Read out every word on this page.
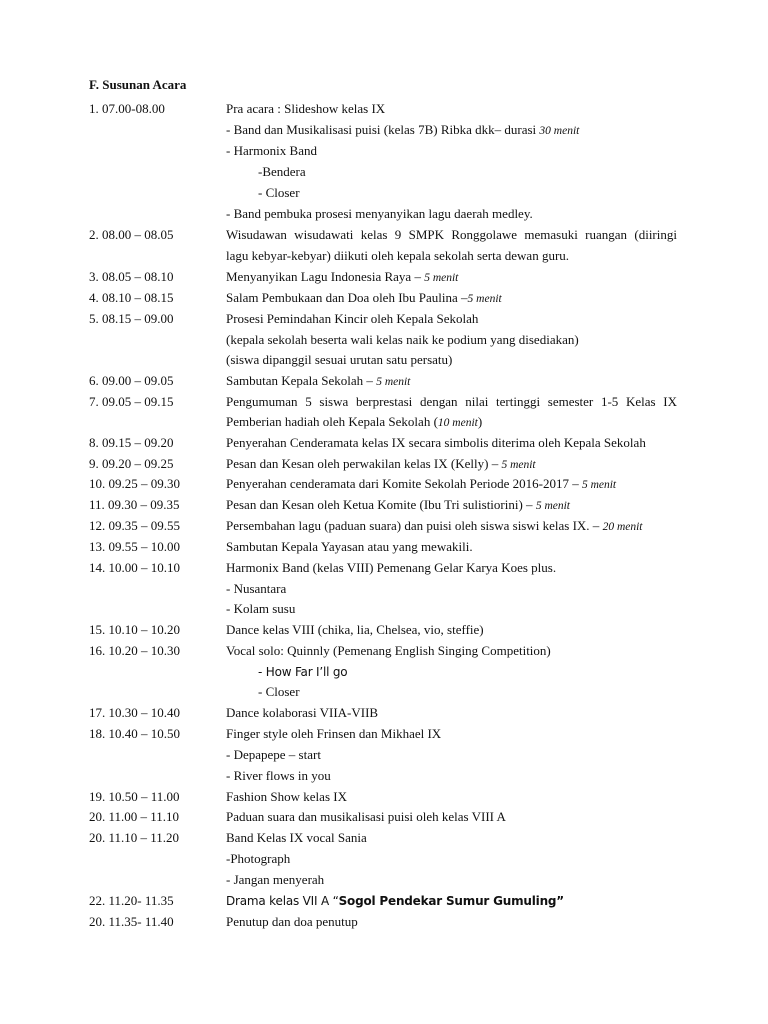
F. Susunan Acara
1. 07.00-08.00	Pra acara : Slideshow kelas IX
- Band dan Musikalisasi puisi (kelas 7B) Ribka dkk– durasi 30 menit
- Harmonix Band
-Bendera
- Closer
- Band pembuka prosesi menyanyikan lagu daerah medley.
2. 08.00 – 08.05	Wisudawan wisudawati kelas 9 SMPK Ronggolawe memasuki ruangan (diiringi
lagu kebyar-kebyar) diikuti oleh kepala sekolah serta dewan guru.
3. 08.05 – 08.10	Menyanyikan Lagu Indonesia Raya – 5 menit
4. 08.10 – 08.15	Salam Pembukaan dan Doa oleh Ibu Paulina –5 menit
5. 08.15 – 09.00	Prosesi Pemindahan Kincir oleh Kepala Sekolah
(kepala sekolah beserta wali kelas naik ke podium yang disediakan)
(siswa dipanggil sesuai urutan satu persatu)
6. 09.00 – 09.05	Sambutan Kepala Sekolah – 5 menit
7. 09.05 – 09.15	Pengumuman 5 siswa berprestasi dengan nilai tertinggi semester 1-5 Kelas IX
Pemberian hadiah oleh Kepala Sekolah (10 menit)
8. 09.15 – 09.20	Penyerahan Cenderamata kelas IX secara simbolis diterima oleh Kepala Sekolah
9. 09.20 – 09.25	Pesan dan Kesan oleh perwakilan kelas IX (Kelly) – 5 menit
10. 09.25 – 09.30	Penyerahan cenderamata dari Komite Sekolah Periode 2016-2017 – 5 menit
11. 09.30 – 09.35	Pesan dan Kesan oleh Ketua Komite (Ibu Tri sulistiorini) – 5 menit
12. 09.35 – 09.55	Persembahan lagu (paduan suara) dan puisi oleh siswa siswi kelas IX. – 20 menit
13. 09.55 – 10.00	Sambutan Kepala Yayasan atau yang mewakili.
14. 10.00 – 10.10	Harmonix Band (kelas VIII) Pemenang Gelar Karya Koes plus.
- Nusantara
- Kolam susu
15. 10.10 – 10.20	Dance kelas VIII (chika, lia, Chelsea, vio, steffie)
16. 10.20 – 10.30	Vocal solo: Quinnly (Pemenang English Singing Competition)
- How Far I’ll go
- Closer
17. 10.30 – 10.40	Dance kolaborasi VIIA-VIIB
18. 10.40 – 10.50	Finger style oleh Frinsen dan Mikhael IX
- Depapepe – start
- River flows in you
19. 10.50 – 11.00	Fashion Show kelas IX
20. 11.00 – 11.10	Paduan suara dan musikalisasi puisi oleh kelas VIII A
20. 11.10 – 11.20	Band Kelas IX vocal Sania
-Photograph
- Jangan menyerah
22. 11.20- 11.35	Drama kelas VII A “Sogol Pendekar Sumur Gumuling”
20. 11.35- 11.40	Penutup dan doa penutup
